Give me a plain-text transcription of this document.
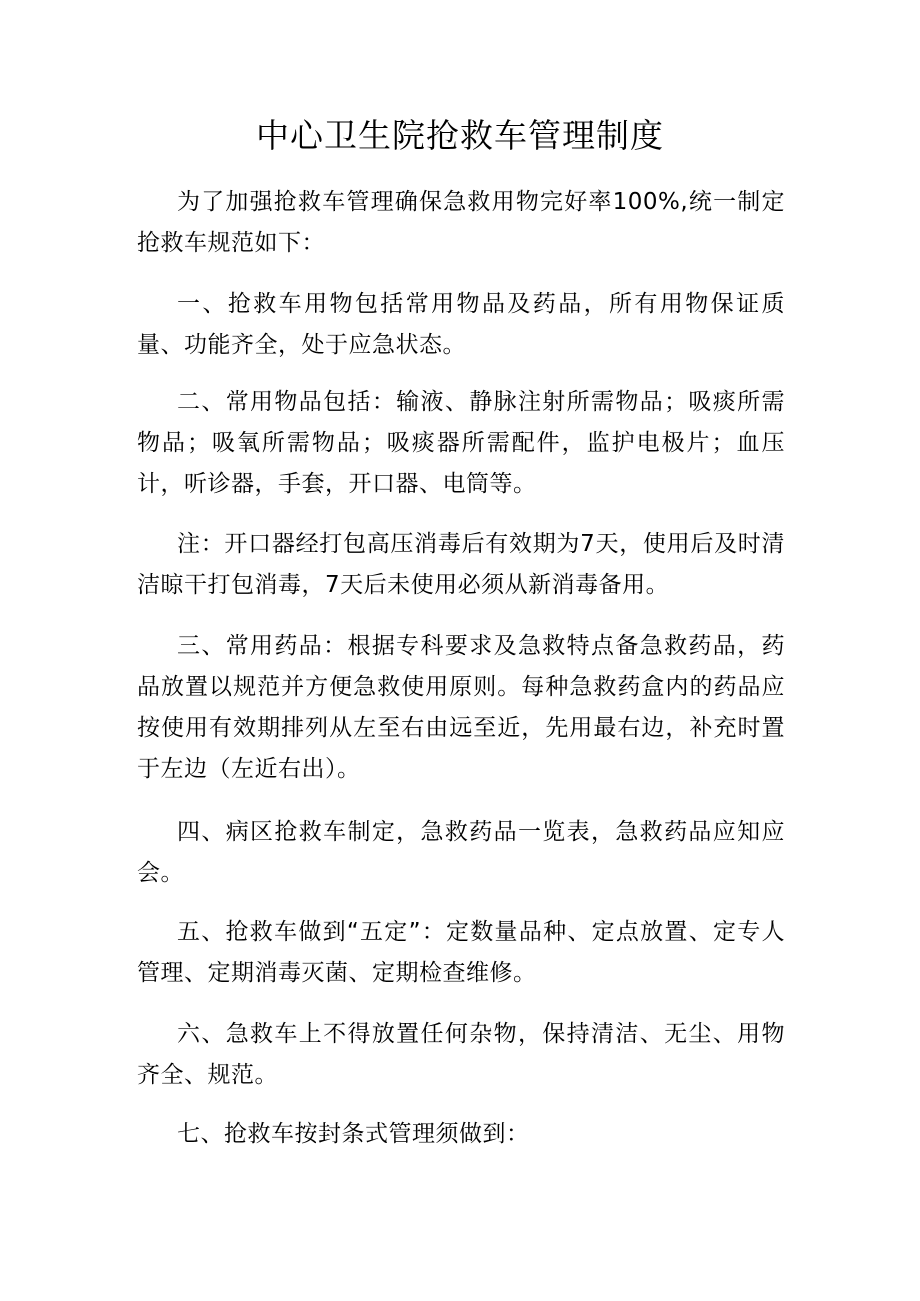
中心卫生院抢救车管理制度

为了加强抢救车管理确保急救用物完好率100%,统一制定抢救车规范如下：

一、抢救车用物包括常用物品及药品，所有用物保证质量、功能齐全，处于应急状态。

二、常用物品包括：输液、静脉注射所需物品；吸痰所需物品；吸氧所需物品；吸痰器所需配件，监护电极片；血压计，听诊器，手套，开口器、电筒等。

注：开口器经打包高压消毒后有效期为7天，使用后及时清洁晾干打包消毒，7天后未使用必须从新消毒备用。

三、常用药品：根据专科要求及急救特点备急救药品，药品放置以规范并方便急救使用原则。每种急救药盒内的药品应按使用有效期排列从左至右由远至近，先用最右边，补充时置于左边（左近右出）。

四、病区抢救车制定，急救药品一览表，急救药品应知应会。

五、抢救车做到“五定”：定数量品种、定点放置、定专人管理、定期消毒灭菌、定期检查维修。

六、急救车上不得放置任何杂物，保持清洁、无尘、用物齐全、规范。

七、抢救车按封条式管理须做到：
